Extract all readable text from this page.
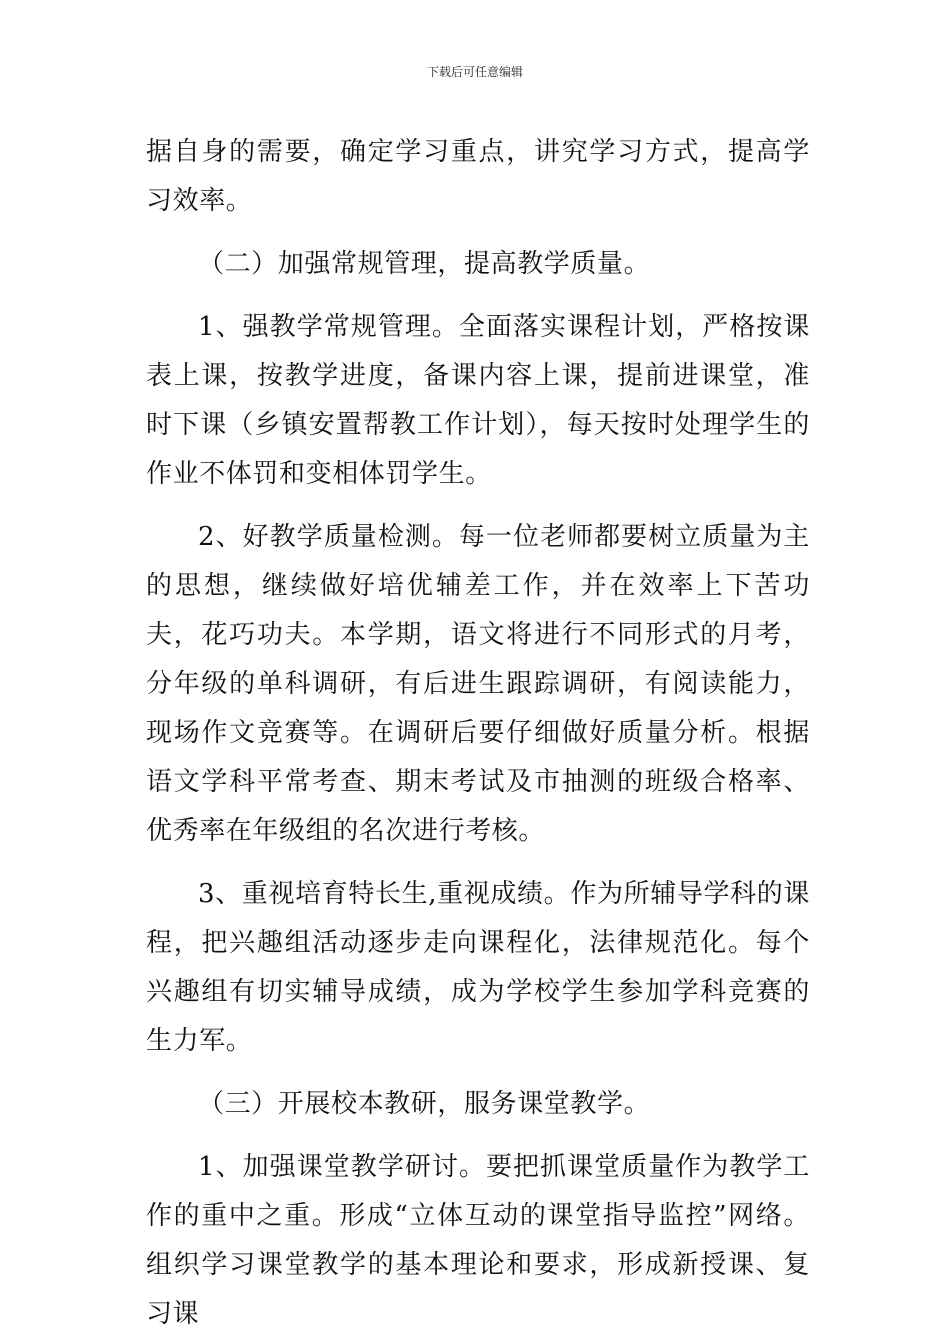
下载后可任意编辑

据自身的需要，确定学习重点，讲究学习方式，提高学习效率。

（二）加强常规管理，提高教学质量。

1、强教学常规管理。全面落实课程计划，严格按课表上课，按教学进度，备课内容上课，提前进课堂，准时下课（乡镇安置帮教工作计划），每天按时处理学生的作业不体罚和变相体罚学生。

2、好教学质量检测。每一位老师都要树立质量为主的思想，继续做好培优辅差工作，并在效率上下苦功夫，花巧功夫。本学期，语文将进行不同形式的月考，分年级的单科调研，有后进生跟踪调研，有阅读能力，现场作文竞赛等。在调研后要仔细做好质量分析。根据语文学科平常考查、期末考试及市抽测的班级合格率、优秀率在年级组的名次进行考核。

3、重视培育特长生,重视成绩。作为所辅导学科的课程，把兴趣组活动逐步走向课程化，法律规范化。每个兴趣组有切实辅导成绩，成为学校学生参加学科竞赛的生力军。

（三）开展校本教研，服务课堂教学。

1、加强课堂教学研讨。要把抓课堂质量作为教学工作的重中之重。形成“立体互动的课堂指导监控”网络。组织学习课堂教学的基本理论和要求，形成新授课、复习课
